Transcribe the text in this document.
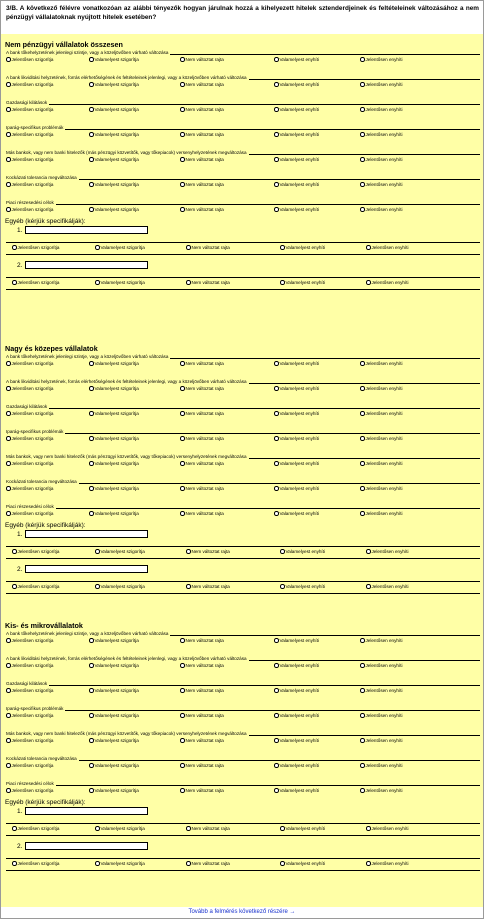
3/B. A következő félévre vonatkozóan az alábbi tényezők hogyan járulnak hozzá a kihelyezett hitelek sztenderdjeinek és feltételeinek változásához a nem pénzügyi vállalatoknak nyújtott hitelek esetében?
Nem pénzügyi vállalatok összesen
A bank tőkehelyzetének jelenlegi szintje, vagy a közeljövőben várható változása
Jelentősen szigorítja	Valamelyest szigorítja	Nem változtat rajta	Valamelyest enyhíti	Jelentősen enyhíti
A bank likviditási helyzetének, forrás elérhetőségének és feltételeinek jelenlegi, vagy a közeljövőben várható változása
Jelentősen szigorítja	Valamelyest szigorítja	Nem változtat rajta	Valamelyest enyhíti	Jelentősen enyhíti
Gazdasági kilátások
Jelentősen szigorítja	Valamelyest szigorítja	Nem változtat rajta	Valamelyest enyhíti	Jelentősen enyhíti
Iparág-specifikus problémák
Jelentősen szigorítja	Valamelyest szigorítja	Nem változtat rajta	Valamelyest enyhíti	Jelentősen enyhíti
Más bankok, vagy nem banki hitelezők (más pénzügyi közvetítők, vagy tőkepiacok) versenyhelyzetének megváltozása
Jelentősen szigorítja	Valamelyest szigorítja	Nem változtat rajta	Valamelyest enyhíti	Jelentősen enyhíti
Kockázati tolerancia megváltozása
Jelentősen szigorítja	Valamelyest szigorítja	Nem változtat rajta	Valamelyest enyhíti	Jelentősen enyhíti
Piaci részesedési célok
Jelentősen szigorítja	Valamelyest szigorítja	Nem változtat rajta	Valamelyest enyhíti	Jelentősen enyhíti
Egyéb (kérjük specifikálják):
1.
Jelentősen szigorítja	Valamelyest szigorítja	Nem változtat rajta	Valamelyest enyhíti	Jelentősen enyhíti
2.
Jelentősen szigorítja	Valamelyest szigorítja	Nem változtat rajta	Valamelyest enyhíti	Jelentősen enyhíti
Nagy és közepes vállalatok
A bank tőkehelyzetének jelenlegi szintje, vagy a közeljövőben várható változása
Jelentősen szigorítja	Valamelyest szigorítja	Nem változtat rajta	Valamelyest enyhíti	Jelentősen enyhíti
A bank likviditási helyzetének, forrás elérhetőségének és feltételeinek jelenlegi, vagy a közeljövőben várható változása
Jelentősen szigorítja	Valamelyest szigorítja	Nem változtat rajta	Valamelyest enyhíti	Jelentősen enyhíti
Gazdasági kilátások
Jelentősen szigorítja	Valamelyest szigorítja	Nem változtat rajta	Valamelyest enyhíti	Jelentősen enyhíti
Iparág-specifikus problémák
Jelentősen szigorítja	Valamelyest szigorítja	Nem változtat rajta	Valamelyest enyhíti	Jelentősen enyhíti
Más bankok, vagy nem banki hitelezők (más pénzügyi közvetítők, vagy tőkepiacok) versenyhelyzetének megváltozása
Jelentősen szigorítja	Valamelyest szigorítja	Nem változtat rajta	Valamelyest enyhíti	Jelentősen enyhíti
Kockázati tolerancia megváltozása
Jelentősen szigorítja	Valamelyest szigorítja	Nem változtat rajta	Valamelyest enyhíti	Jelentősen enyhíti
Piaci részesedési célok
Jelentősen szigorítja	Valamelyest szigorítja	Nem változtat rajta	Valamelyest enyhíti	Jelentősen enyhíti
Egyéb (kérjük specifikálják):
1.
Jelentősen szigorítja	Valamelyest szigorítja	Nem változtat rajta	Valamelyest enyhíti	Jelentősen enyhíti
2.
Jelentősen szigorítja	Valamelyest szigorítja	Nem változtat rajta	Valamelyest enyhíti	Jelentősen enyhíti
Kis- és mikrovállalatok
A bank tőkehelyzetének jelenlegi szintje, vagy a közeljövőben várható változása
Jelentősen szigorítja	Valamelyest szigorítja	Nem változtat rajta	Valamelyest enyhíti	Jelentősen enyhíti
A bank likviditási helyzetének, forrás elérhetőségének és feltételeinek jelenlegi, vagy a közeljövőben várható változása
Jelentősen szigorítja	Valamelyest szigorítja	Nem változtat rajta	Valamelyest enyhíti	Jelentősen enyhíti
Gazdasági kilátások
Jelentősen szigorítja	Valamelyest szigorítja	Nem változtat rajta	Valamelyest enyhíti	Jelentősen enyhíti
Iparág-specifikus problémák
Jelentősen szigorítja	Valamelyest szigorítja	Nem változtat rajta	Valamelyest enyhíti	Jelentősen enyhíti
Más bankok, vagy nem banki hitelezők (más pénzügyi közvetítők, vagy tőkepiacok) versenyhelyzetének megváltozása
Jelentősen szigorítja	Valamelyest szigorítja	Nem változtat rajta	Valamelyest enyhíti	Jelentősen enyhíti
Kockázati tolerancia megváltozása
Jelentősen szigorítja	Valamelyest szigorítja	Nem változtat rajta	Valamelyest enyhíti	Jelentősen enyhíti
Piaci részesedési célok
Jelentősen szigorítja	Valamelyest szigorítja	Nem változtat rajta	Valamelyest enyhíti	Jelentősen enyhíti
Egyéb (kérjük specifikálják):
1.
Jelentősen szigorítja	Valamelyest szigorítja	Nem változtat rajta	Valamelyest enyhíti	Jelentősen enyhíti
2.
Jelentősen szigorítja	Valamelyest szigorítja	Nem változtat rajta	Valamelyest enyhíti	Jelentősen enyhíti
Tovább a felmérés következő részére →
